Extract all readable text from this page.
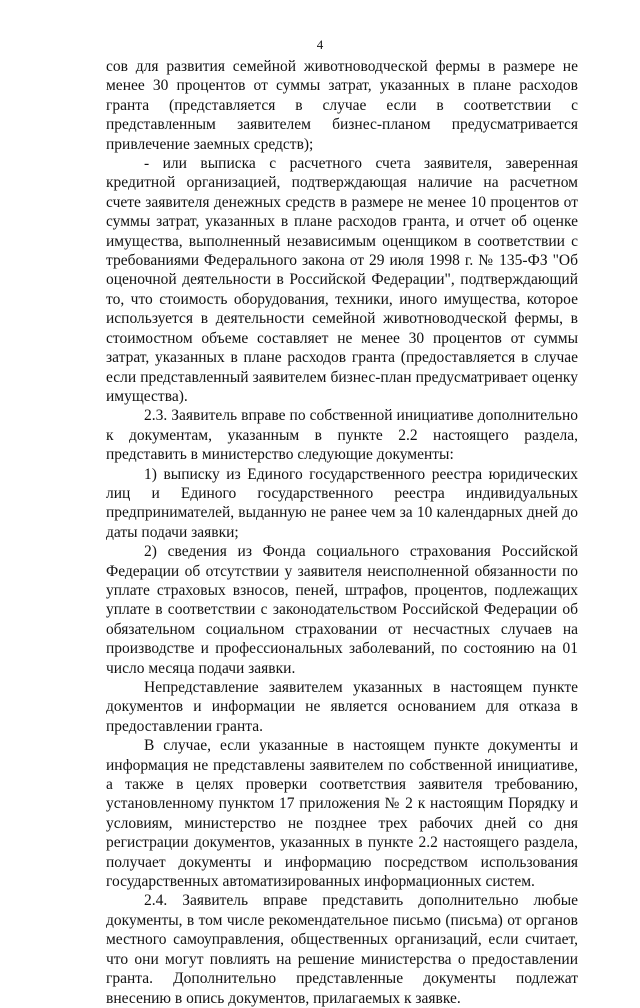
4

сов для развития семейной животноводческой фермы в размере не менее 30 процентов от суммы затрат, указанных в плане расходов гранта (представляется в случае если в соответствии с представленным заявителем бизнес-планом предусматривается привлечение заемных средств);

- или выписка с расчетного счета заявителя, заверенная кредитной организацией, подтверждающая наличие на расчетном счете заявителя денежных средств в размере не менее 10 процентов от суммы затрат, указанных в плане расходов гранта, и отчет об оценке имущества, выполненный независимым оценщиком в соответствии с требованиями Федерального закона от 29 июля 1998 г. № 135-ФЗ "Об оценочной деятельности в Российской Федерации", подтверждающий то, что стоимость оборудования, техники, иного имущества, которое используется в деятельности семейной животноводческой фермы, в стоимостном объеме составляет не менее 30 процентов от суммы затрат, указанных в плане расходов гранта (предоставляется в случае если представленный заявителем бизнес-план предусматривает оценку имущества).

2.3. Заявитель вправе по собственной инициативе дополнительно к документам, указанным в пункте 2.2 настоящего раздела, представить в министерство следующие документы:

1) выписку из Единого государственного реестра юридических лиц и Единого государственного реестра индивидуальных предпринимателей, выданную не ранее чем за 10 календарных дней до даты подачи заявки;

2) сведения из Фонда социального страхования Российской Федерации об отсутствии у заявителя неисполненной обязанности по уплате страховых взносов, пеней, штрафов, процентов, подлежащих уплате в соответствии с законодательством Российской Федерации об обязательном социальном страховании от несчастных случаев на производстве и профессиональных заболеваний, по состоянию на 01 число месяца подачи заявки.

Непредставление заявителем указанных в настоящем пункте документов и информации не является основанием для отказа в предоставлении гранта.

В случае, если указанные в настоящем пункте документы и информация не представлены заявителем по собственной инициативе, а также в целях проверки соответствия заявителя требованию, установленному пунктом 17 приложения № 2 к настоящим Порядку и условиям, министерство не позднее трех рабочих дней со дня регистрации документов, указанных в пункте 2.2 настоящего раздела, получает документы и информацию посредством использования государственных автоматизированных информационных систем.

2.4. Заявитель вправе представить дополнительно любые документы, в том числе рекомендательное письмо (письма) от органов местного самоуправления, общественных организаций, если считает, что они могут повлиять на решение министерства о предоставлении гранта. Дополнительно представленные документы подлежат внесению в опись документов, прилагаемых к заявке.
